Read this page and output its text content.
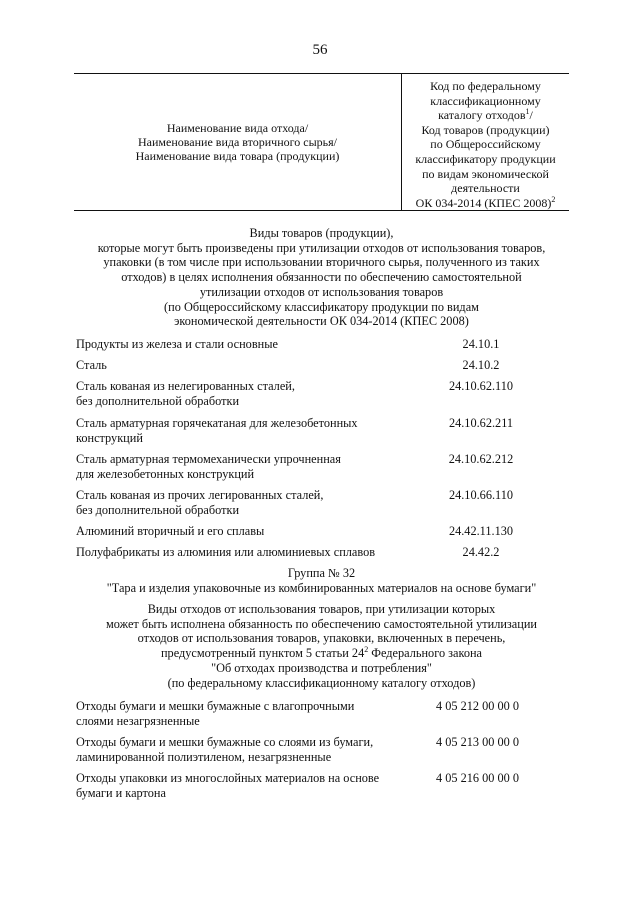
56
Наименование вида отхода/
Наименование вида вторичного сырья/
Наименование вида товара (продукции)
Код по федеральному
классификационному
каталогу отходов$^1$/
Код товаров (продукции)
по Общероссийскому
классификатору продукции
по видам экономической
деятельности
ОК 034-2014 (КПЕС 2008)$^2$
Виды товаров (продукции),
которые могут быть произведены при утилизации отходов от использования товаров,
упаковки (в том числе при использовании вторичного сырья, полученного из таких
отходов) в целях исполнения обязанности по обеспечению самостоятельной
утилизации отходов от использования товаров
(по Общероссийскому классификатору продукции по видам
экономической деятельности ОК 034-2014 (КПЕС 2008)
Продукты из железа и стали основные	24.10.1
Сталь	24.10.2
Сталь кованая из нелегированных сталей,
без дополнительной обработки
24.10.62.110
Сталь арматурная горячекатаная для железобетонных
конструкций
24.10.62.211
Сталь арматурная термомеханически упрочненная
для железобетонных конструкций
24.10.62.212
Сталь кованая из прочих легированных сталей,
без дополнительной обработки
24.10.66.110
Алюминий вторичный и его сплавы	24.42.11.130
Полуфабрикаты из алюминия или алюминиевых сплавов	24.42.2
Группа № 32
"Тара и изделия упаковочные из комбинированных материалов на основе бумаги"
Виды отходов от использования товаров, при утилизации которых
может быть исполнена обязанность по обеспечению самостоятельной утилизации
отходов от использования товаров, упаковки, включенных в перечень,
предусмотренный пунктом 5 статьи $24^2$ Федерального закона
"Об отходах производства и потребления"
(по федеральному классификационному каталогу отходов)
Отходы бумаги и мешки бумажные с влагопрочными
слоями незагрязненные
4 05 212 00 00 0
Отходы бумаги и мешки бумажные со слоями из бумаги,
ламинированной полиэтиленом, незагрязненные
4 05 213 00 00 0
Отходы упаковки из многослойных материалов на основе
бумаги и картона
4 05 216 00 00 0
